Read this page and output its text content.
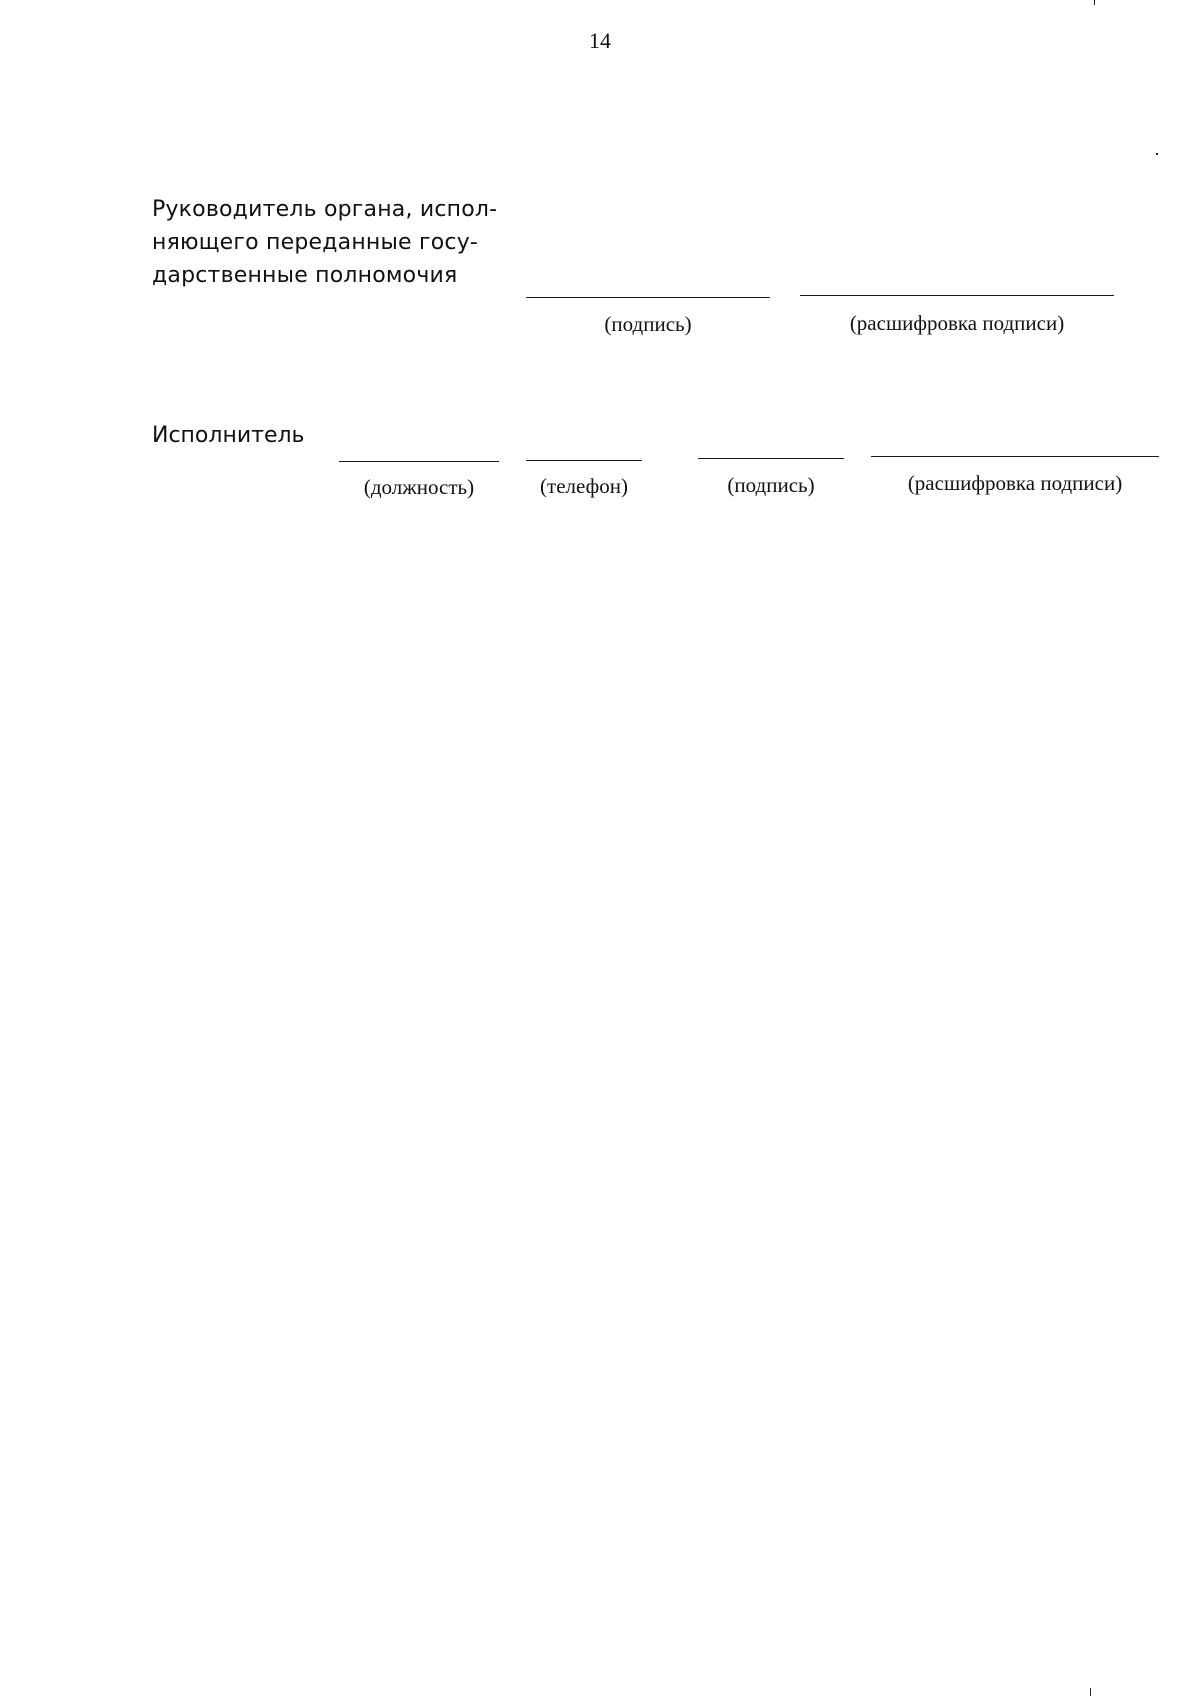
14
Руководитель органа, испол-
няющего переданные госу-
дарственные полномочия
(подпись)	(расшифровка подписи)
Исполнитель
(должность)	(телефон)	(подпись)	(расшифровка подписи)
